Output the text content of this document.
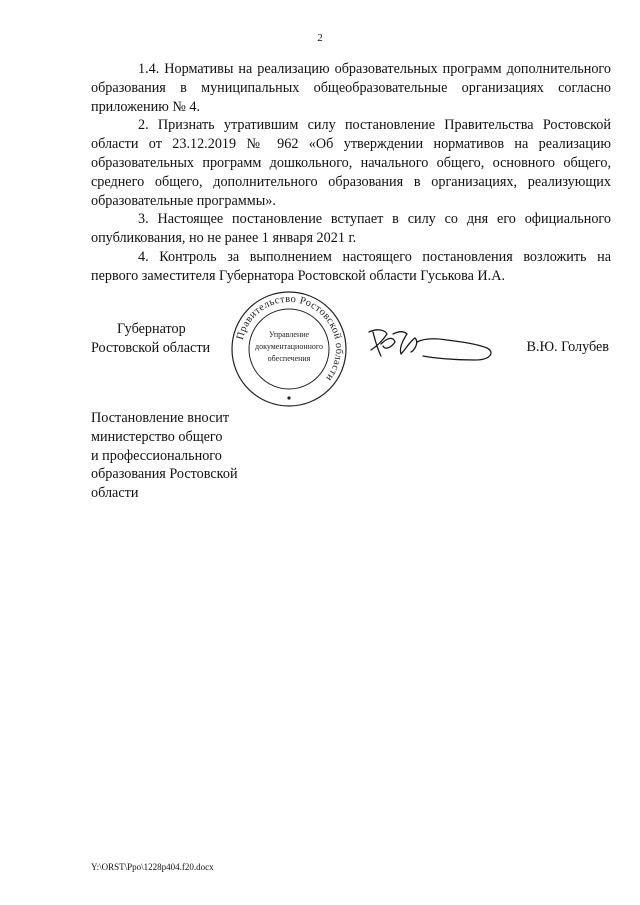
2

1.4. Нормативы на реализацию образовательных программ дополнительного образования в муниципальных общеобразовательные организациях согласно приложению № 4.

2. Признать утратившим силу постановление Правительства Ростовской области от 23.12.2019 № 962 «Об утверждении нормативов на реализацию образовательных программ дошкольного, начального общего, основного общего, среднего общего, дополнительного образования в организациях, реализующих образовательные программы».

3. Настоящее постановление вступает в силу со дня его официального опубликования, но не ранее 1 января 2021 г.

4. Контроль за выполнением настоящего постановления возложить на первого заместителя Губернатора Ростовской области Гуськова И.А.

Губернатор
Ростовской области
Правительство Ростовской области
Управление
документационного
обеспечения
В.Ю. Голубев
Постановление вносит
министерство общего
и профессионального
образования Ростовской
области
Y:\ORST\Ppo\1228p404.f20.docx
